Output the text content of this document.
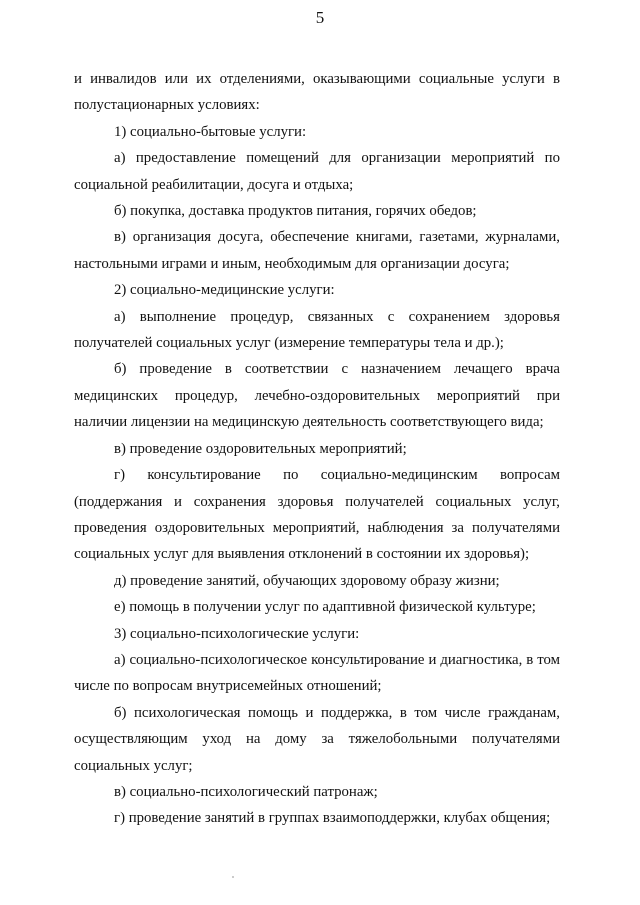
5

и инвалидов или их отделениями, оказывающими социальные услуги в полустационарных условиях:

1) социально-бытовые услуги:

а) предоставление помещений для организации мероприятий по социальной реабилитации, досуга и отдыха;

б) покупка, доставка продуктов питания, горячих обедов;

в) организация досуга, обеспечение книгами, газетами, журналами, настольными играми и иным, необходимым для организации досуга;

2) социально-медицинские услуги:

а) выполнение процедур, связанных с сохранением здоровья получателей социальных услуг (измерение температуры тела и др.);

б) проведение в соответствии с назначением лечащего врача медицинских процедур, лечебно-оздоровительных мероприятий при наличии лицензии на медицинскую деятельность соответствующего вида;

в) проведение оздоровительных мероприятий;

г) консультирование по социально-медицинским вопросам (поддержания и сохранения здоровья получателей социальных услуг, проведения оздоровительных мероприятий, наблюдения за получателями социальных услуг для выявления отклонений в состоянии их здоровья);

д) проведение занятий, обучающих здоровому образу жизни;

е) помощь в получении услуг по адаптивной физической культуре;

3) социально-психологические услуги:

а) социально-психологическое консультирование и диагностика, в том числе по вопросам внутрисемейных отношений;

б) психологическая помощь и поддержка, в том числе гражданам, осуществляющим уход на дому за тяжелобольными получателями социальных услуг;

в) социально-психологический патронаж;

г) проведение занятий в группах взаимоподдержки, клубах общения;
